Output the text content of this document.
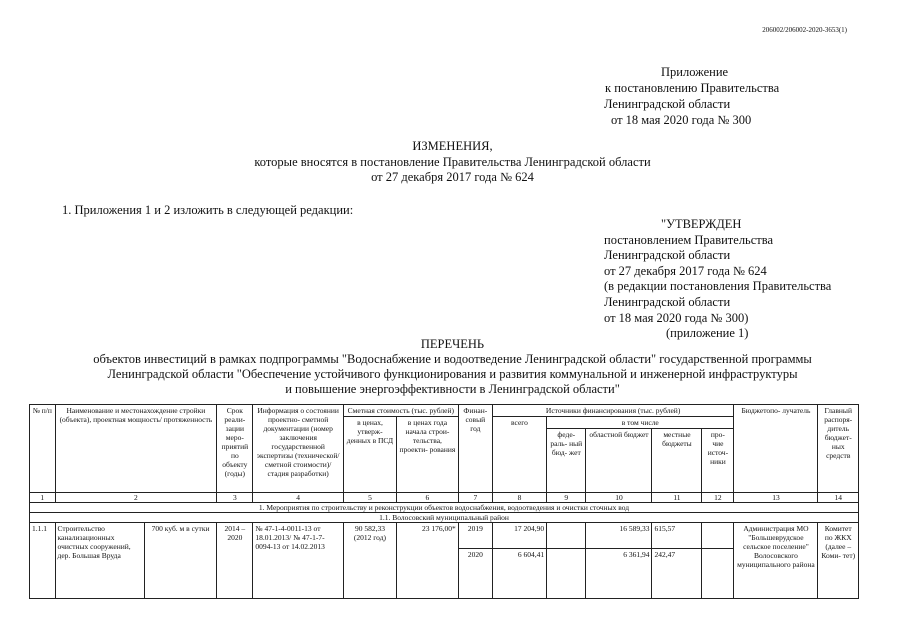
206002/206002-2020-3653(1)
Приложение
к постановлению Правительства
Ленинградской области
от 18 мая 2020 года № 300
ИЗМЕНЕНИЯ,
которые вносятся в постановление Правительства Ленинградской области
от 27 декабря 2017 года № 624
1. Приложения 1 и 2 изложить в следующей редакции:
"УТВЕРЖДЕН
постановлением Правительства
Ленинградской области
от 27 декабря 2017 года № 624
(в редакции постановления Правительства
Ленинградской области
от 18 мая 2020 года № 300)
(приложение 1)
ПЕРЕЧЕНЬ
объектов инвестиций в рамках подпрограммы "Водоснабжение и водоотведение Ленинградской области" государственной программы
Ленинградской области "Обеспечение устойчивого функционирования и развития коммунальной и инженерной инфраструктуры
и повышение энергоэффективности в Ленинградской области"
№ п/п	Наименование и местонахождение стройки (объекта), проектная мощность/ протяженность		Срок реали- зации меро- приятий по объекту (годы)	Информация о состоянии проектно- сметной документации (номер заключения государственной экспертизы (технической/сметной стоимости)/стадия разработки)	Сметная стоимость (тыс. рублей)		Финан- совый год	Источники финансирования (тыс. рублей)					Бюджетопо- лучатель	Главный распоря- дитель бюджет- ных средств
					в ценах, утверж- денных в ПСД	в ценах года начала строи- тельства, проекти- рования		всего	в том числе					
									феде- раль- ный бюд- жет	областной бюджет	местные бюджеты	про- чие источ- ники		
1	2		3	4	5	6	7	8	9	10	11	12	13	14
1. Мероприятия по строительству и реконструкции объектов водоснабжения, водоотведения и очистки сточных вод														
1.1. Волосовский муниципальный район														
1.1.1	Строительство канализационных очистных сооружений, дер. Большая Вруда	700 куб. м в сутки	2014 – 2020	№ 47-1-4-0011-13 от 18.01.2013/ № 47-1-7-0094-13 от 14.02.2013	90 582,33 (2012 год)	23 176,00*	2019	17 204,90		16 589,33	615,57		Администрация МО "Большеврудское сельское поселение" Волосовского муниципального района	Комитет по ЖКХ (далее – Коми- тет)
							2020	6 604,41		6 361,94	242,47			
